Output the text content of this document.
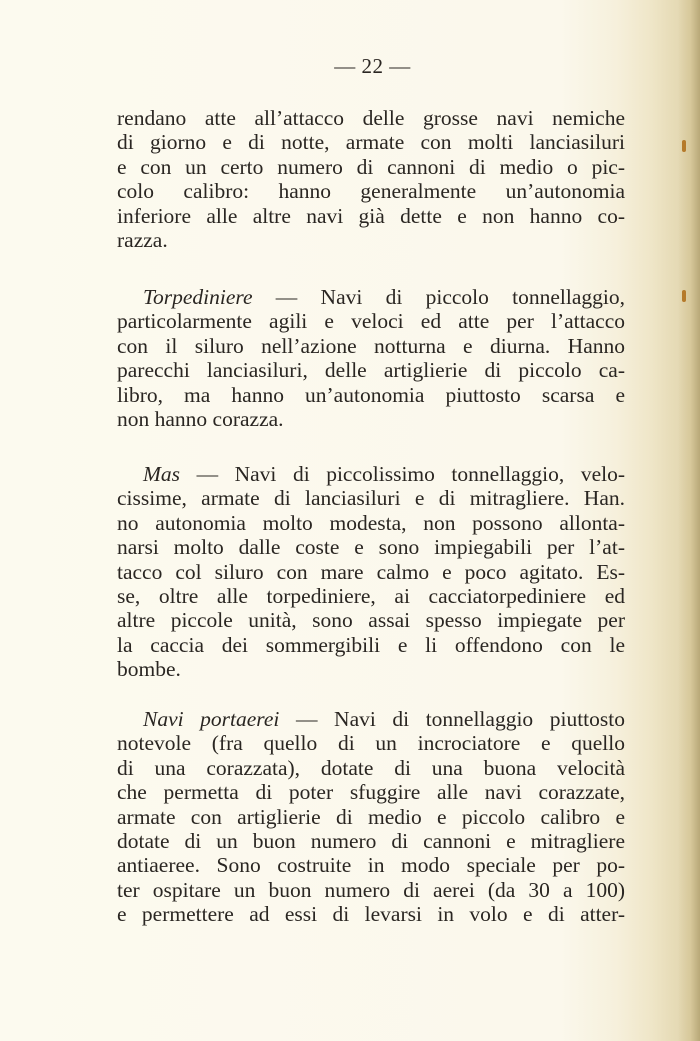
— 22 —
rendano atte all’attacco delle grosse navi nemiche
di giorno e di notte, armate con molti lanciasiluri
e con un certo numero di cannoni di medio o pic-
colo calibro: hanno generalmente un’autonomia
inferiore alle altre navi già dette e non hanno co-
razza.
Torpediniere — Navi di piccolo tonnellaggio,
particolarmente agili e veloci ed atte per l’attacco
con il siluro nell’azione notturna e diurna. Hanno
parecchi lanciasiluri, delle artiglierie di piccolo ca-
libro, ma hanno un’autonomia piuttosto scarsa e
non hanno corazza.
Mas — Navi di piccolissimo tonnellaggio, velo-
cissime, armate di lanciasiluri e di mitragliere. Han.
no autonomia molto modesta, non possono allonta-
narsi molto dalle coste e sono impiegabili per l’at-
tacco col siluro con mare calmo e poco agitato. Es-
se, oltre alle torpediniere, ai cacciatorpediniere ed
altre piccole unità, sono assai spesso impiegate per
la caccia dei sommergibili e li offendono con le
bombe.
Navi portaerei — Navi di tonnellaggio piuttosto
notevole (fra quello di un incrociatore e quello
di una corazzata), dotate di una buona velocità
che permetta di poter sfuggire alle navi corazzate,
armate con artiglierie di medio e piccolo calibro e
dotate di un buon numero di cannoni e mitragliere
antiaeree. Sono costruite in modo speciale per po-
ter ospitare un buon numero di aerei (da 30 a 100)
e permettere ad essi di levarsi in volo e di atter-
